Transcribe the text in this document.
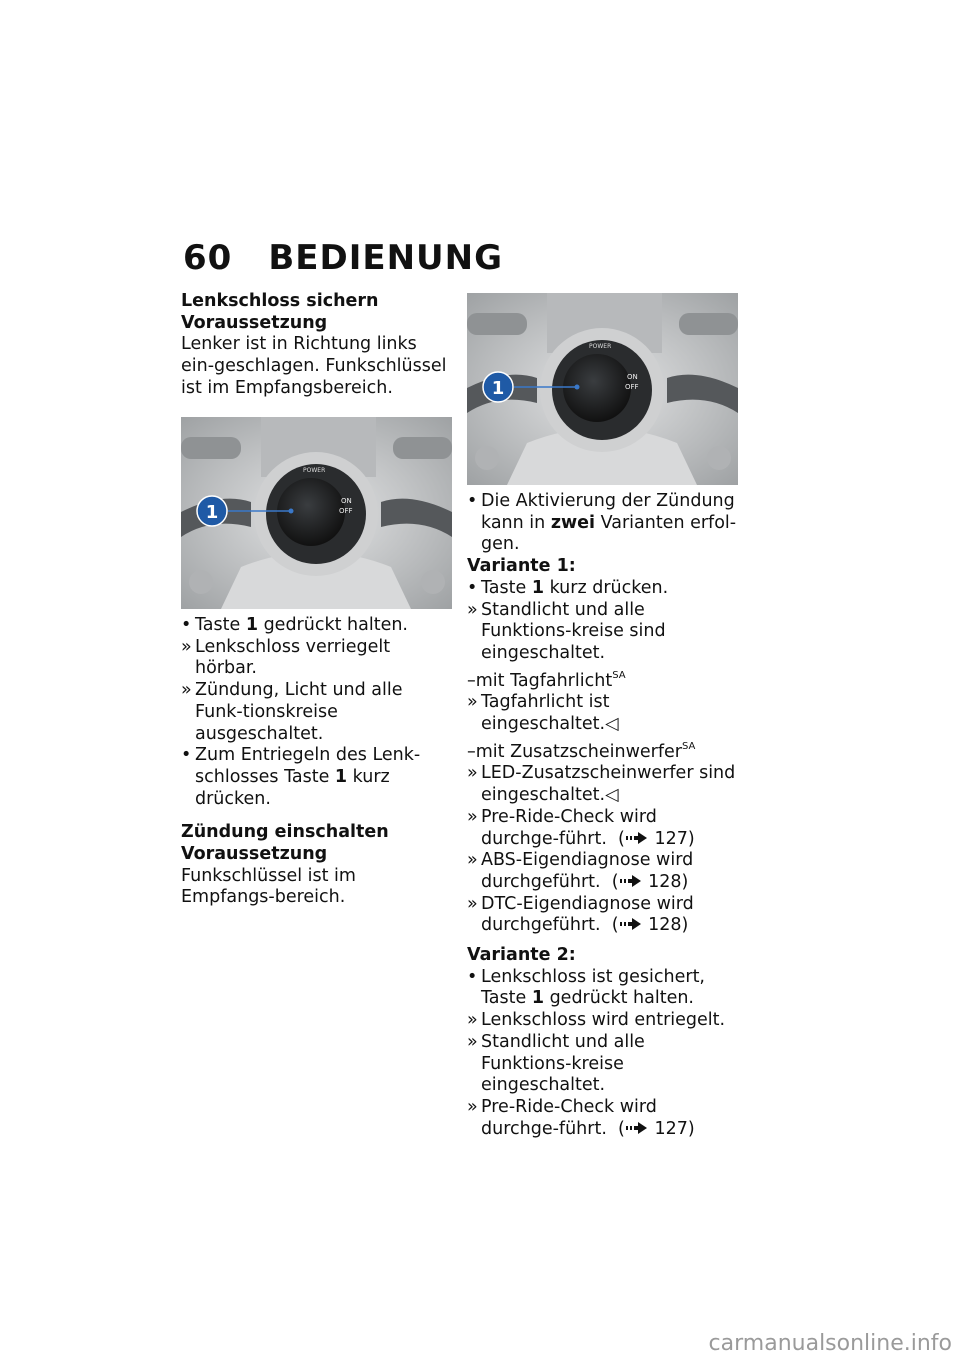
60 BEDIENUNG
Lenkschloss sichern
Voraussetzung

Lenker ist in Richtung links ein-geschlagen. Funkschlüssel ist im Empfangsbereich.

POWER
ON
OFF
1
• Taste 1 gedrückt halten.
» Lenkschloss verriegelt hörbar.
» Zündung, Licht und alle Funk-tionskreise ausgeschaltet.
• Zum Entriegeln des Lenk-schlosses Taste 1 kurz drücken.
Zündung einschalten
Voraussetzung

Funkschlüssel ist im Empfangs-bereich.

POWER
ON
OFF
1
• Die Aktivierung der Zündung kann in zwei Varianten erfol-gen.
Variante 1:
• Taste 1 kurz drücken.
» Standlicht und alle Funktions-kreise sind eingeschaltet.
–mit Tagfahrlicht$^{SA}$
» Tagfahrlicht ist eingeschaltet.◁
–mit Zusatzscheinwerfer$^{SA}$
» LED-Zusatzscheinwerfer sind eingeschaltet.◁
» Pre-Ride-Check wird durchge-führt. ( 127)
» ABS-Eigendiagnose wird durchgeführt. ( 128)
» DTC-Eigendiagnose wird durchgeführt. ( 128)
Variante 2:
• Lenkschloss ist gesichert, Taste 1 gedrückt halten.
» Lenkschloss wird entriegelt.
» Standlicht und alle Funktions-kreise eingeschaltet.
» Pre-Ride-Check wird durchge-führt. ( 127)
carmanualsonline.info
